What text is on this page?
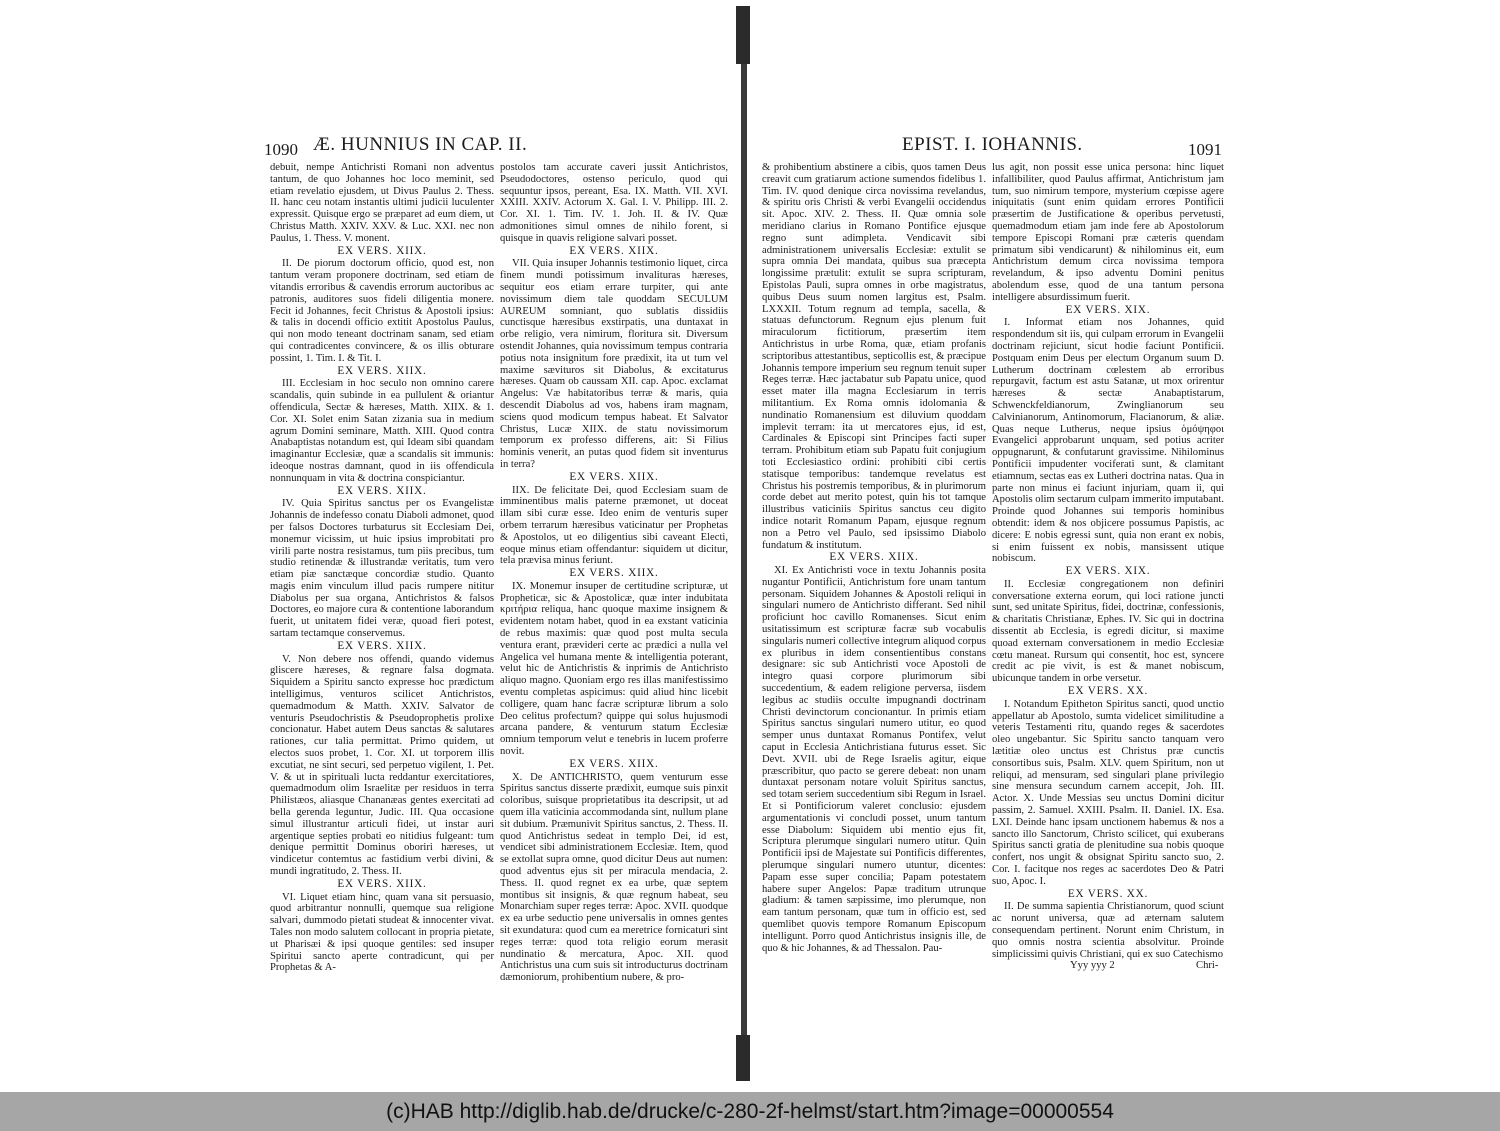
1090 Æ. HUNNIUS IN CAP. II.

debuit, nempe Antichristi Romani non adventus tantum, de quo Johannes hoc loco meminit, sed etiam revelatio ejusdem, ut Divus Paulus 2. Thess. II. hanc ceu notam instantis ultimi judicii luculenter expressit. Quisque ergo se præparet ad eum diem, ut Christus Matth. XXIV. XXV. & Luc. XXI. nec non Paulus, 1. Thess. V. monent.

EX VERS. XIIX.

II. De piorum doctorum officio, quod est, non tantum veram proponere doctrinam, sed etiam de vitandis erroribus & cavendis errorum auctoribus ac patronis, auditores suos fideli diligentia monere. Fecit id Johannes, fecit Christus & Apostoli ipsius: & talis in docendi officio extitit Apostolus Paulus, qui non modo teneant doctrinam sanam, sed etiam qui contradicentes convincere, & os illis obturare possint, 1. Tim. I. & Tit. I.

EX VERS. XIIX.

III. Ecclesiam in hoc seculo non omnino carere scandalis, quin subinde in ea pullulent & oriantur offendicula, Sectæ & hæreses, Matth. XIIX. & 1. Cor. XI. Solet enim Satan zizania sua in medium agrum Domini seminare, Matth. XIII. Quod contra Anabaptistas notandum est, qui Ideam sibi quandam imaginantur Ecclesiæ, quæ a scandalis sit immunis: ideoque nostras damnant, quod in iis offendicula nonnunquam in vita & doctrina conspiciantur.

EX VERS. XIIX.

IV. Quia Spiritus sanctus per os Evangelistæ Johannis de indefesso conatu Diaboli admonet, quod per falsos Doctores turbaturus sit Ecclesiam Dei, monemur vicissim, ut huic ipsius improbitati pro virili parte nostra resistamus, tum piis precibus, tum studio retinendæ & illustrandæ veritatis, tum vero etiam piæ sanctæque concordiæ studio. Quanto magis enim vinculum illud pacis rumpere nititur Diabolus per sua organa, Antichristos & falsos Doctores, eo majore cura & contentione laborandum fuerit, ut unitatem fidei veræ, quoad fieri potest, sartam tectamque conservemus.

EX VERS. XIIX.

V. Non debere nos offendi, quando videmus gliscere hæreses, & regnare falsa dogmata. Siquidem a Spiritu sancto expresse hoc prædictum intelligimus, venturos scilicet Antichristos, quemadmodum & Matth. XXIV. Salvator de venturis Pseudochristis & Pseudoprophetis prolixe concionatur. Habet autem Deus sanctas & salutares rationes, cur talia permittat. Primo quidem, ut electos suos probet, 1. Cor. XI. ut torporem illis excutiat, ne sint securi, sed perpetuo vigilent, 1. Pet. V. & ut in spirituali lucta reddantur exercitatiores, quemadmodum olim Israelitæ per residuos in terra Philistæos, aliasque Chananæas gentes exercitati ad bella gerenda leguntur, Judic. III. Qua occasione simul illustrantur articuli fidei, ut instar auri argentique septies probati eo nitidius fulgeant: tum denique permittit Dominus oboriri hæreses, ut vindicetur contemtus ac fastidium verbi divini, & mundi ingratitudo, 2. Thess. II.

EX VERS. XIIX.

VI. Liquet etiam hinc, quam vana sit persuasio, quod arbitrantur nonnulli, quemque sua religione salvari, dummodo pietati studeat & innocenter vivat. Tales non modo salutem collocant in propria pietate, ut Pharisæi & ipsi quoque gentiles: sed insuper Spiritui sancto aperte contradicunt, qui per Prophetas & A-

postolos tam accurate caveri jussit Antichristos, Pseudodoctores, ostenso periculo, quod qui sequuntur ipsos, pereant, Esa. IX. Matth. VII. XVI. XXIII. XXIV. Actorum X. Gal. I. V. Philipp. III. 2. Cor. XI. 1. Tim. IV. 1. Joh. II. & IV. Quæ admonitiones simul omnes de nihilo forent, si quisque in quavis religione salvari posset.

EX VERS. XIIX.

VII. Quia insuper Johannis testimonio liquet, circa finem mundi potissimum invalituras hæreses, sequitur eos etiam errare turpiter, qui ante novissimum diem tale quoddam SECULUM AUREUM somniant, quo sublatis dissidiis cunctisque hæresibus exstirpatis, una duntaxat in orbe religio, vera nimirum, floritura sit. Diversum ostendit Johannes, quia novissimum tempus contraria potius nota insignitum fore prædixit, ita ut tum vel maxime sævituros sit Diabolus, & excitaturus hæreses. Quam ob caussam XII. cap. Apoc. exclamat Angelus: Væ habitatoribus terræ & maris, quia descendit Diabolus ad vos, habens iram magnam, sciens quod modicum tempus habeat. Et Salvator Christus, Lucæ XIIX. de statu novissimorum temporum ex professo differens, ait: Si Filius hominis venerit, an putas quod fidem sit inventurus in terra?

EX VERS. XIIX.

IIX. De felicitate Dei, quod Ecclesiam suam de imminentibus malis paterne præmonet, ut doceat illam sibi curæ esse. Ideo enim de venturis super orbem terrarum hæresibus vaticinatur per Prophetas & Apostolos, ut eo diligentius sibi caveant Electi, eoque minus etiam offendantur: siquidem ut dicitur, tela prævisa minus feriunt.

EX VERS. XIIX.

IX. Monemur insuper de certitudine scripturæ, ut Propheticæ, sic & Apostolicæ, quæ inter indubitata κριτήρια reliqua, hanc quoque maxime insignem & evidentem notam habet, quod in ea exstant vaticinia de rebus maximis: quæ quod post multa secula ventura erant, prævideri certe ac prædici a nulla vel Angelica vel humana mente & intelligentia poterant, velut hic de Antichristis & inprimis de Antichristo aliquo magno. Quoniam ergo res illas manifestissimo eventu completas aspicimus: quid aliud hinc licebit colligere, quam hanc facræ scripturæ librum a solo Deo celitus profectum? quippe qui solus hujusmodi arcana pandere, & venturum statum Ecclesiæ omnium temporum velut e tenebris in lucem proferre novit.

EX VERS. XIIX.

X. De ANTICHRISTO, quem venturum esse Spiritus sanctus disserte prædixit, eumque suis pinxit coloribus, suisque proprietatibus ita descripsit, ut ad quem illa vaticinia accommodanda sint, nullum plane sit dubium. Præmunivit Spiritus sanctus, 2. Thess. II. quod Antichristus sedeat in templo Dei, id est, vendicet sibi administrationem Ecclesiæ. Item, quod se extollat supra omne, quod dicitur Deus aut numen: quod adventus ejus sit per miracula mendacia, 2. Thess. II. quod regnet ex ea urbe, quæ septem montibus sit insignis, & quæ regnum habeat, seu Monarchiam super reges terræ: Apoc. XVII. quodque ex ea urbe seductio pene universalis in omnes gentes sit exundatura: quod cum ea meretrice fornicaturi sint reges terræ: quod tota religio eorum merasit nundinatio & mercatura, Apoc. XII. quod Antichristus una cum suis sit introducturus doctrinam dæmoniorum, prohibentium nubere, & pro-

EPIST. I. IOHANNIS.	1091

& prohibentium abstinere a cibis, quos tamen Deus creavit cum gratiarum actione sumendos fidelibus 1. Tim. IV. quod denique circa novissima revelandus, & spiritu oris Christi & verbi Evangelii occidendus sit. Apoc. XIV. 2. Thess. II. Quæ omnia sole meridiano clarius in Romano Pontifice ejusque regno sunt adimpleta. Vendicavit sibi administrationem universalis Ecclesiæ: extulit se supra omnia Dei mandata, quibus sua præcepta longissime prætulit: extulit se supra scripturam, Epistolas Pauli, supra omnes in orbe magistratus, quibus Deus suum nomen largitus est, Psalm. LXXXII. Totum regnum ad templa, sacella, & statuas defunctorum. Regnum ejus plenum fuit miraculorum fictitiorum, præsertim item Antichristus in urbe Roma, quæ, etiam profanis scriptoribus attestantibus, septicollis est, & præcipue Johannis tempore imperium seu regnum tenuit super Reges terræ. Hæc jactabatur sub Papatu unice, quod esset mater illa magna Ecclesiarum in terris militantium. Ex Roma omnis idolomania & nundinatio Romanensium est diluvium quoddam implevit terram: ita ut mercatores ejus, id est, Cardinales & Episcopi sint Principes facti super terram. Prohibitum etiam sub Papatu fuit conjugium toti Ecclesiastico ordini: prohibiti cibi certis statisque temporibus: tandemque revelatus est Christus his postremis temporibus, & in plurimorum corde debet aut merito potest, quin his tot tamque illustribus vaticiniis Spiritus sanctus ceu digito indice notarit Romanum Papam, ejusque regnum non a Petro vel Paulo, sed ipsissimo Diabolo fundatum & institutum.

EX VERS. XIIX.

XI. Ex Antichristi voce in textu Johannis posita nugantur Pontificii, Antichristum fore unam tantum personam. Siquidem Johannes & Apostoli reliqui in singulari numero de Antichristo differant. Sed nihil proficiunt hoc cavillo Romanenses. Sicut enim usitatissimum est scripturæ facræ sub vocabulis singularis numeri collective integrum aliquod corpus ex pluribus in idem consentientibus constans designare: sic sub Antichristi voce Apostoli de integro quasi corpore plurimorum sibi succedentium, & eadem religione perversa, iisdem legibus ac studiis occulte impugnandi doctrinam Christi devinctorum concionantur. In primis etiam Spiritus sanctus singulari numero utitur, eo quod semper unus duntaxat Romanus Pontifex, velut caput in Ecclesia Antichristiana futurus esset. Sic Devt. XVII. ubi de Rege Israelis agitur, eique præscribitur, quo pacto se gerere debeat: non unam duntaxat personam notare voluit Spiritus sanctus, sed totam seriem succedentium sibi Regum in Israel. Et si Pontificiorum valeret conclusio: ejusdem argumentationis vi concludi posset, unum tantum esse Diabolum: Siquidem ubi mentio ejus fit, Scriptura plerumque singulari numero utitur. Quin Pontificii ipsi de Majestate sui Pontificis differentes, plerumque singulari numero utuntur, dicentes: Papam esse super concilia; Papam potestatem habere super Angelos: Papæ traditum utrunque gladium: & tamen sæpissime, imo plerumque, non eam tantum personam, quæ tum in officio est, sed quemlibet quovis tempore Romanum Episcopum intelligunt. Porro quod Antichristus insignis ille, de quo & hic Johannes, & ad Thessalon. Pau-

lus agit, non possit esse unica persona: hinc liquet infallibiliter, quod Paulus affirmat, Antichristum jam tum, suo nimirum tempore, mysterium cœpisse agere iniquitatis (sunt enim quidam errores Pontificii præsertim de Justificatione & operibus pervetusti, quemadmodum etiam jam inde fere ab Apostolorum tempore Episcopi Romani præ cæteris quendam primatum sibi vendicarunt) & nihilominus eit, eum Antichristum demum circa novissima tempora revelandum, & ipso adventu Domini penitus abolendum esse, quod de una tantum persona intelligere absurdissimum fuerit.

EX VERS. XIX.

I. Informat etiam nos Johannes, quid respondendum sit iis, qui culpam errorum in Evangelii doctrinam rejiciunt, sicut hodie faciunt Pontificii. Postquam enim Deus per electum Organum suum D. Lutherum doctrinam cœlestem ab erroribus repurgavit, factum est astu Satanæ, ut mox orirentur hæreses & sectæ Anabaptistarum, Schwenckfeldianorum, Zwinglianorum seu Calvinianorum, Antinomorum, Flacianorum, & aliæ. Quas neque Lutherus, neque ipsius ὁμόψηφοι Evangelici approbarunt unquam, sed potius acriter oppugnarunt, & confutarunt gravissime. Nihilominus Pontificii impudenter vociferati sunt, & clamitant etiamnum, sectas eas ex Lutheri doctrina natas. Qua in parte non minus ei faciunt injuriam, quam ii, qui Apostolis olim sectarum culpam immerito imputabant. Proinde quod Johannes sui temporis hominibus obtendit: idem & nos objicere possumus Papistis, ac dicere: E nobis egressi sunt, quia non erant ex nobis, si enim fuissent ex nobis, mansissent utique nobiscum.

EX VERS. XIX.

II. Ecclesiæ congregationem non definiri conversatione externa eorum, qui loci ratione juncti sunt, sed unitate Spiritus, fidei, doctrinæ, confessionis, & charitatis Christianæ, Ephes. IV. Sic qui in doctrina dissentit ab Ecclesia, is egredi dicitur, si maxime quoad externam conversationem in medio Ecclesiæ cœtu maneat. Rursum qui consentit, hoc est, syncere credit ac pie vivit, is est & manet nobiscum, ubicunque tandem in orbe versetur.

EX VERS. XX.

I. Notandum Epitheton Spiritus sancti, quod unctio appellatur ab Apostolo, sumta videlicet similitudine a veteris Testamenti ritu, quando reges & sacerdotes oleo ungebantur. Sic Spiritu sancto tanquam vero lætitiæ oleo unctus est Christus præ cunctis consortibus suis, Psalm. XLV. quem Spiritum, non ut reliqui, ad mensuram, sed singulari plane privilegio sine mensura secundum carnem accepit, Joh. III. Actor. X. Unde Messias seu unctus Domini dicitur passim, 2. Samuel. XXIII. Psalm. II. Daniel. IX. Esa. LXI. Deinde hanc ipsam unctionem habemus & nos a sancto illo Sanctorum, Christo scilicet, qui exuberans Spiritus sancti gratia de plenitudine sua nobis quoque confert, nos ungit & obsignat Spiritu sancto suo, 2. Cor. I. facitque nos reges ac sacerdotes Deo & Patri suo, Apoc. I.

EX VERS. XX.

II. De summa sapientia Christianorum, quod sciunt ac norunt universa, quæ ad æternam salutem consequendam pertinent. Norunt enim Christum, in quo omnis nostra scientia absolvitur. Proinde simplicissimi quivis Christiani, qui ex suo Catechismo

Yyy yyy 2	Chri-
(c)HAB http://diglib.hab.de/drucke/c-280-2f-helmst/start.htm?image=00000554
